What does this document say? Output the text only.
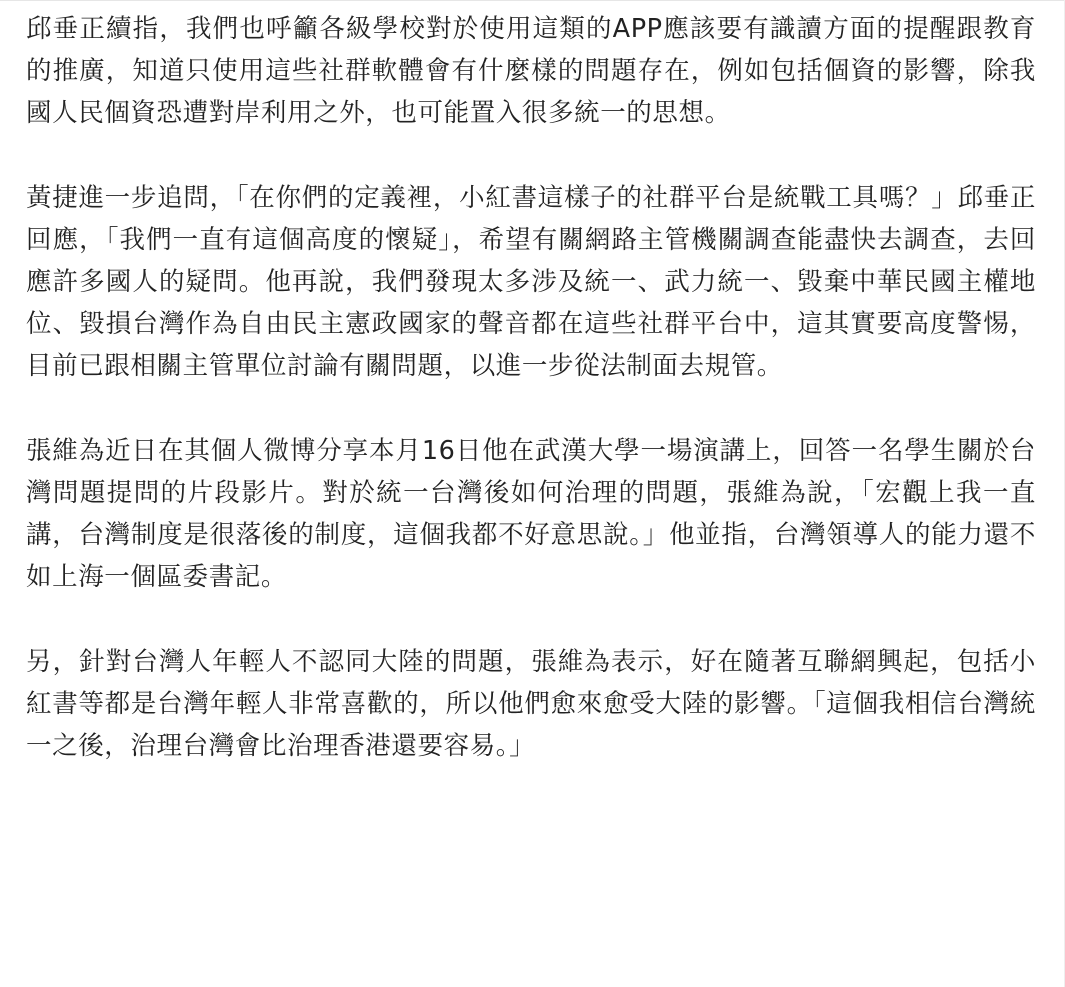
邱垂正續指，我們也呼籲各級學校對於使用這類的APP應該要有識讀方面的提醒跟教育的推廣，知道只使用這些社群軟體會有什麼樣的問題存在，例如包括個資的影響，除我國人民個資恐遭對岸利用之外，也可能置入很多統一的思想。

黃捷進一步追問，「在你們的定義裡，小紅書這樣子的社群平台是統戰工具嗎？」邱垂正回應，「我們一直有這個高度的懷疑」，希望有關網路主管機關調查能盡快去調查，去回應許多國人的疑問。他再說，我們發現太多涉及統一、武力統一、毀棄中華民國主權地位、毀損台灣作為自由民主憲政國家的聲音都在這些社群平台中，這其實要高度警惕，目前已跟相關主管單位討論有關問題，以進一步從法制面去規管。

張維為近日在其個人微博分享本月16日他在武漢大學一場演講上，回答一名學生關於台灣問題提問的片段影片。對於統一台灣後如何治理的問題，張維為說，「宏觀上我一直講，台灣制度是很落後的制度，這個我都不好意思說。」他並指，台灣領導人的能力還不如上海一個區委書記。

另，針對台灣人年輕人不認同大陸的問題，張維為表示，好在隨著互聯網興起，包括小紅書等都是台灣年輕人非常喜歡的，所以他們愈來愈受大陸的影響。「這個我相信台灣統一之後，治理台灣會比治理香港還要容易。」
